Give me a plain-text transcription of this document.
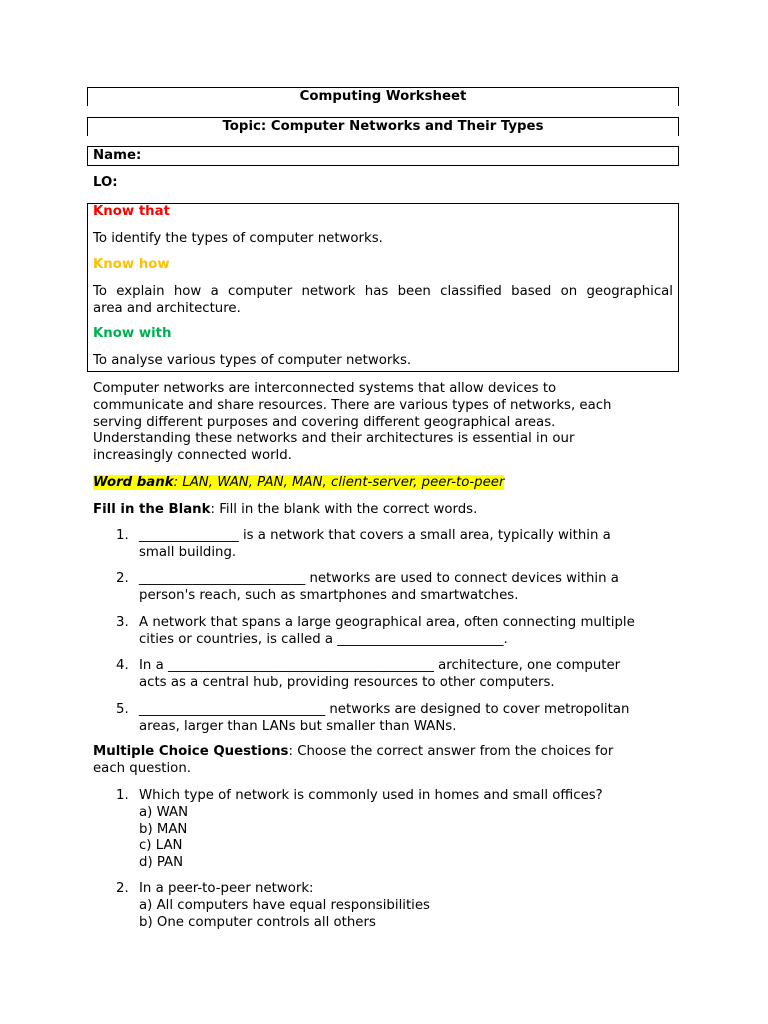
Computing Worksheet
Topic: Computer Networks and Their Types
Name:
LO:
Know that
To identify the types of computer networks.
Know how
To explain how a computer network has been classified based on geographical
area and architecture.
Know with
To analyse various types of computer networks.
Computer networks are interconnected systems that allow devices to
communicate and share resources. There are various types of networks, each
serving different purposes and covering different geographical areas.
Understanding these networks and their architectures is essential in our
increasingly connected world.
Word bank: LAN, WAN, PAN, MAN, client-server, peer-to-peer
Fill in the Blank: Fill in the blank with the correct words.
1. _______________ is a network that covers a small area, typically within a
small building.
2. _________________________ networks are used to connect devices within a
person's reach, such as smartphones and smartwatches.
3. A network that spans a large geographical area, often connecting multiple
cities or countries, is called a _________________________.
4. In a ________________________________________ architecture, one computer
acts as a central hub, providing resources to other computers.
5. ____________________________ networks are designed to cover metropolitan
areas, larger than LANs but smaller than WANs.
Multiple Choice Questions: Choose the correct answer from the choices for
each question.
1. Which type of network is commonly used in homes and small offices?
a) WAN
b) MAN
c) LAN
d) PAN
2. In a peer-to-peer network:
a) All computers have equal responsibilities
b) One computer controls all others
